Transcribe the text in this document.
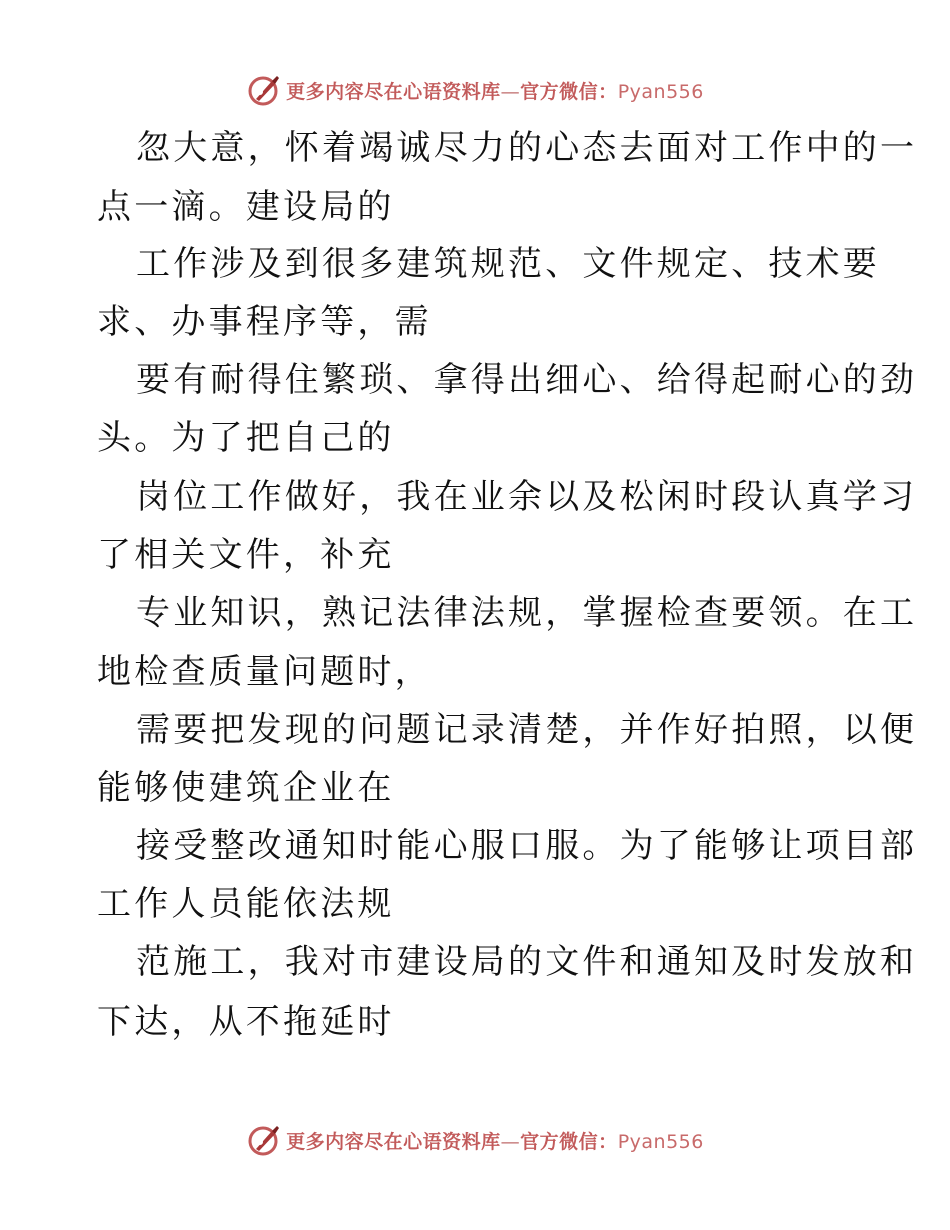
更多内容尽在心语资料库—官方微信：Pyan556
忽大意，怀着竭诚尽力的心态去面对工作中的一
点一滴。建设局的
工作涉及到很多建筑规范、文件规定、技术要
求、办事程序等，需
要有耐得住繁琐、拿得出细心、给得起耐心的劲
头。为了把自己的
岗位工作做好，我在业余以及松闲时段认真学习
了相关文件，补充
专业知识，熟记法律法规，掌握检查要领。在工
地检查质量问题时，
需要把发现的问题记录清楚，并作好拍照，以便
能够使建筑企业在
接受整改通知时能心服口服。为了能够让项目部
工作人员能依法规
范施工，我对市建设局的文件和通知及时发放和
下达，从不拖延时
更多内容尽在心语资料库—官方微信：Pyan556
